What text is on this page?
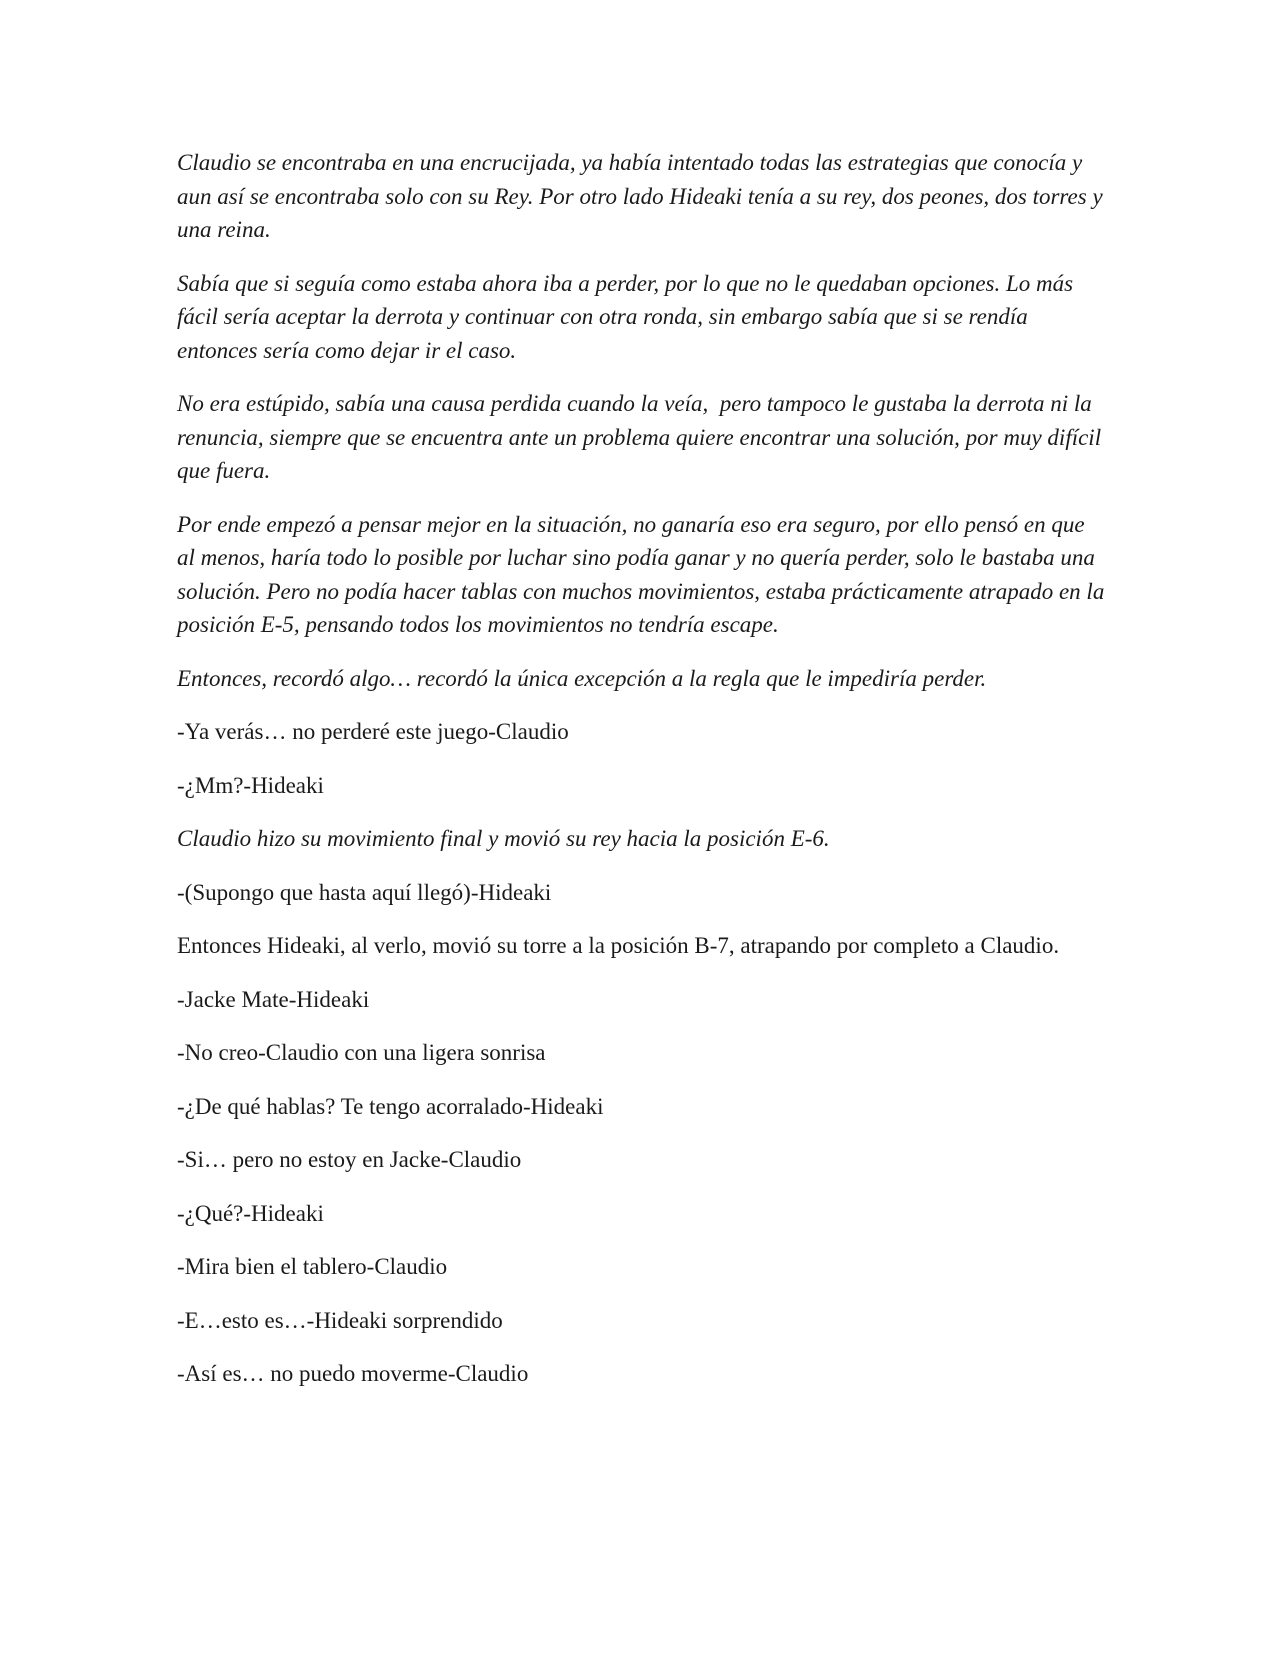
Claudio se encontraba en una encrucijada, ya había intentado todas las estrategias que conocía y aun así se encontraba solo con su Rey. Por otro lado Hideaki tenía a su rey, dos peones, dos torres y una reina.

Sabía que si seguía como estaba ahora iba a perder, por lo que no le quedaban opciones. Lo más fácil sería aceptar la derrota y continuar con otra ronda, sin embargo sabía que si se rendía entonces sería como dejar ir el caso.

No era estúpido, sabía una causa perdida cuando la veía,  pero tampoco le gustaba la derrota ni la renuncia, siempre que se encuentra ante un problema quiere encontrar una solución, por muy difícil que fuera.

Por ende empezó a pensar mejor en la situación, no ganaría eso era seguro, por ello pensó en que al menos, haría todo lo posible por luchar sino podía ganar y no quería perder, solo le bastaba una solución. Pero no podía hacer tablas con muchos movimientos, estaba prácticamente atrapado en la posición E-5, pensando todos los movimientos no tendría escape.

Entonces, recordó algo… recordó la única excepción a la regla que le impediría perder.

-Ya verás… no perderé este juego-Claudio

-¿Mm?-Hideaki

Claudio hizo su movimiento final y movió su rey hacia la posición E-6.

-(Supongo que hasta aquí llegó)-Hideaki

Entonces Hideaki, al verlo, movió su torre a la posición B-7, atrapando por completo a Claudio.

-Jacke Mate-Hideaki

-No creo-Claudio con una ligera sonrisa

-¿De qué hablas? Te tengo acorralado-Hideaki

-Si… pero no estoy en Jacke-Claudio

-¿Qué?-Hideaki

-Mira bien el tablero-Claudio

-E…esto es…-Hideaki sorprendido

-Así es… no puedo moverme-Claudio
